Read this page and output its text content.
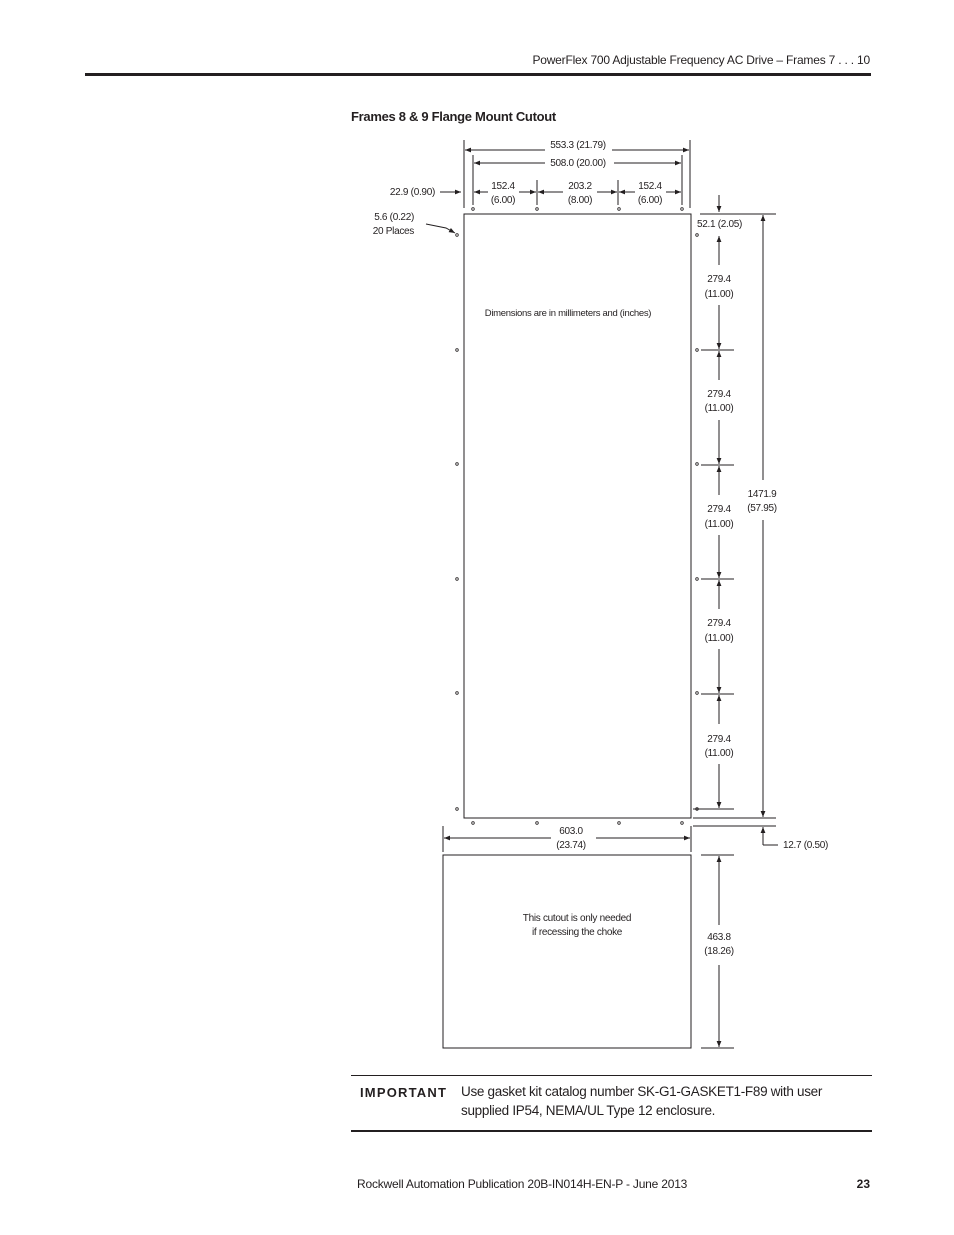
PowerFlex 700 Adjustable Frequency AC Drive – Frames 7 . . . 10
Frames 8 & 9 Flange Mount Cutout
553.3 (21.79)
508.0 (20.00)
22.9 (0.90)
152.4
(6.00)
203.2
(8.00)
152.4
(6.00)
5.6 (0.22)
20 Places
52.1 (2.05)
279.4
(11.00)
279.4
(11.00)
279.4
(11.00)
279.4
(11.00)
279.4
(11.00)
1471.9
(57.95)
603.0
(23.74)	12.7 (0.50)
463.8
(18.26)
Dimensions are in millimeters and (inches)
This cutout is only needed
if recessing the choke
IMPORTANT Use gasket kit catalog number SK-G1-GASKET1-F89 with user supplied IP54, NEMA/UL Type 12 enclosure.
Rockwell Automation Publication 20B-IN014H-EN-P - June 2013	23
